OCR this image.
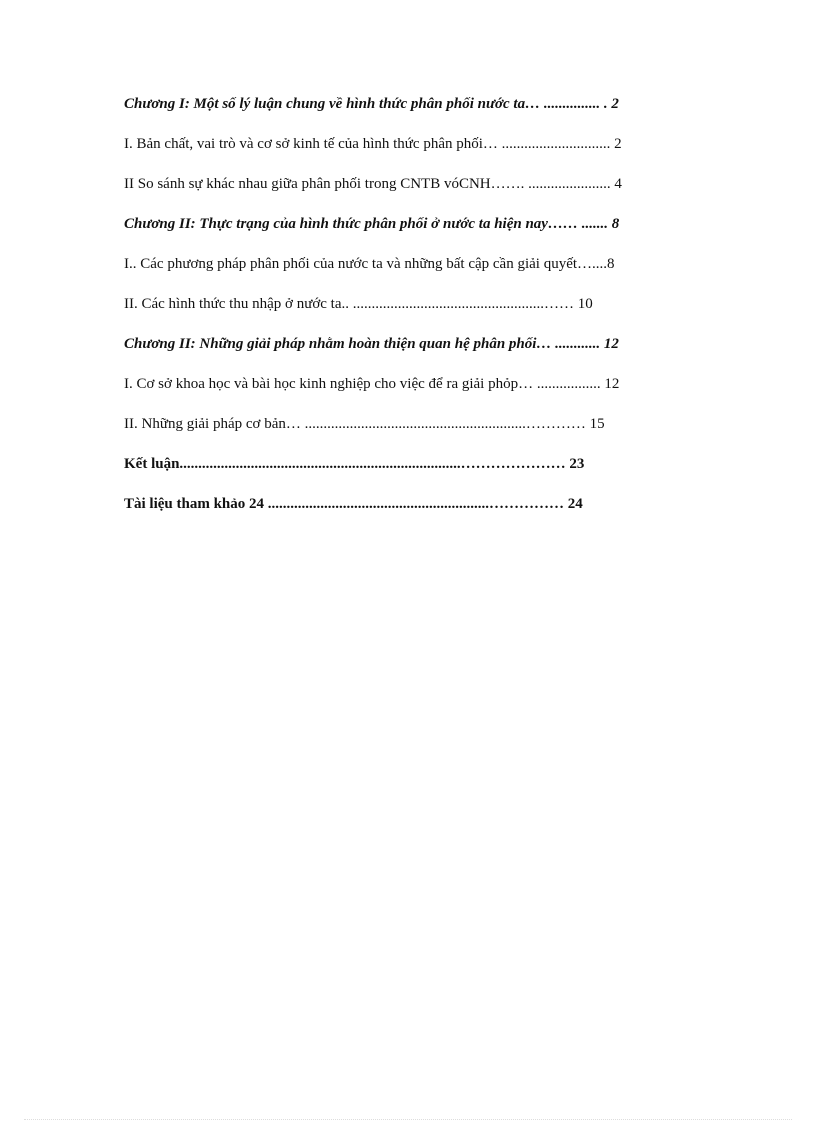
Chương I: Một số lý luận chung về hình thức phân phối nước ta… ............... . 2
I. Bản chất, vai trò và cơ sở kinh tế của hình thức phân phối… ............................. 2
II So sánh sự khác nhau giữa phân phối trong CNTB vóCNH……. ...................... 4
Chương II: Thực trạng của hình thức phân phối ở nước ta hiện nay…… ....... 8
I.. Các phương pháp phân phối của nước ta và những bất cập cần giải quyết…....8
II. Các hình thức thu nhập ở nước ta.. ...................................................…… 10
Chương II: Những giải pháp nhằm hoàn thiện quan hệ phân phối… ............ 12
I. Cơ sở khoa học và bài học kinh nghiệp cho việc để ra giải phỏp… ................. 12
II. Những giải pháp cơ bản… ...........................................................………… 15
Kết luận...........................................................................………………… 23
Tài liệu tham khảo 24 ...........................................................…………… 24
